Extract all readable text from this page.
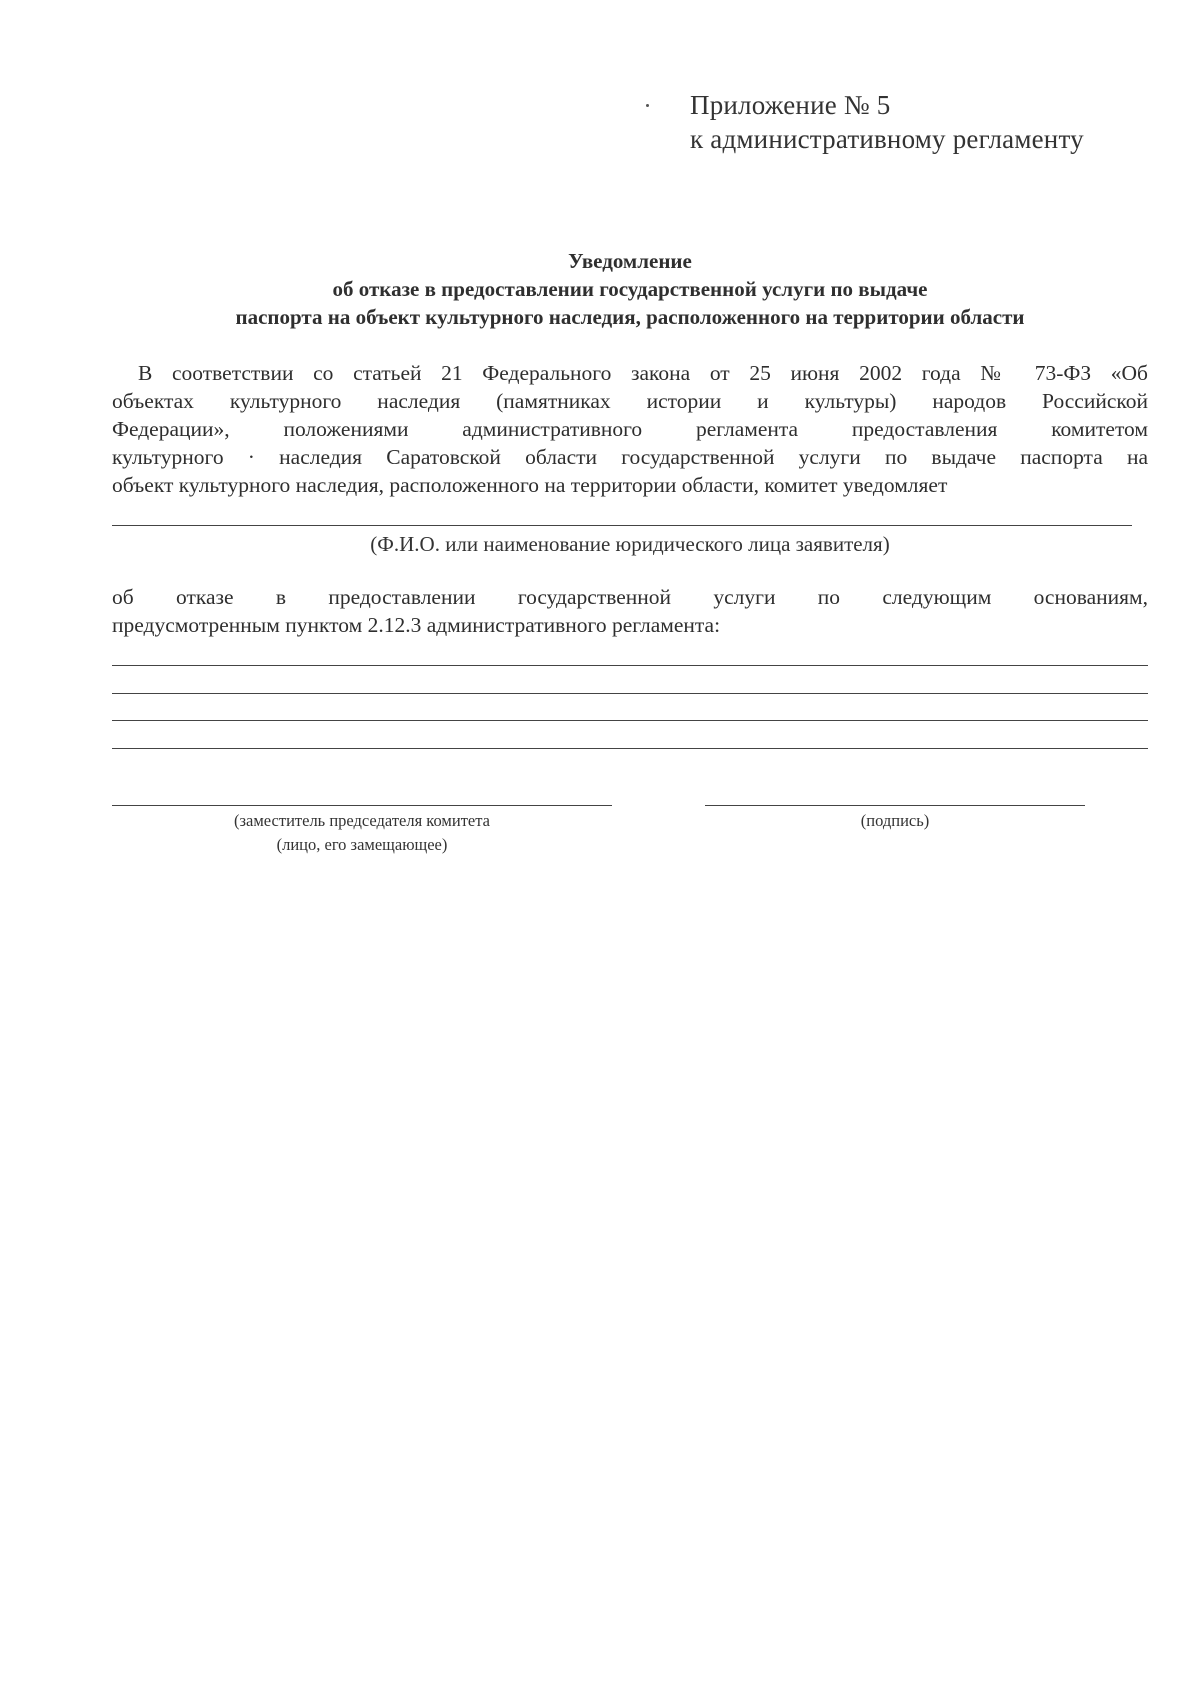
Приложение № 5
к административному регламенту
Уведомление
об отказе в предоставлении государственной услуги по выдаче
паспорта на объект культурного наследия, расположенного на территории области
В соответствии со статьей 21 Федерального закона от 25 июня 2002 года № 73-ФЗ «Об
объектах культурного наследия (памятниках истории и культуры) народов Российской
Федерации», положениями административного регламента предоставления комитетом
культурного · наследия Саратовской области государственной услуги по выдаче паспорта на
объект культурного наследия, расположенного на территории области, комитет уведомляет
(Ф.И.О. или наименование юридического лица заявителя)
об отказе в предоставлении государственной услуги по следующим основаниям,
предусмотренным пунктом 2.12.3 административного регламента:
(заместитель председателя комитета
(лицо, его замещающее)
(подпись)
